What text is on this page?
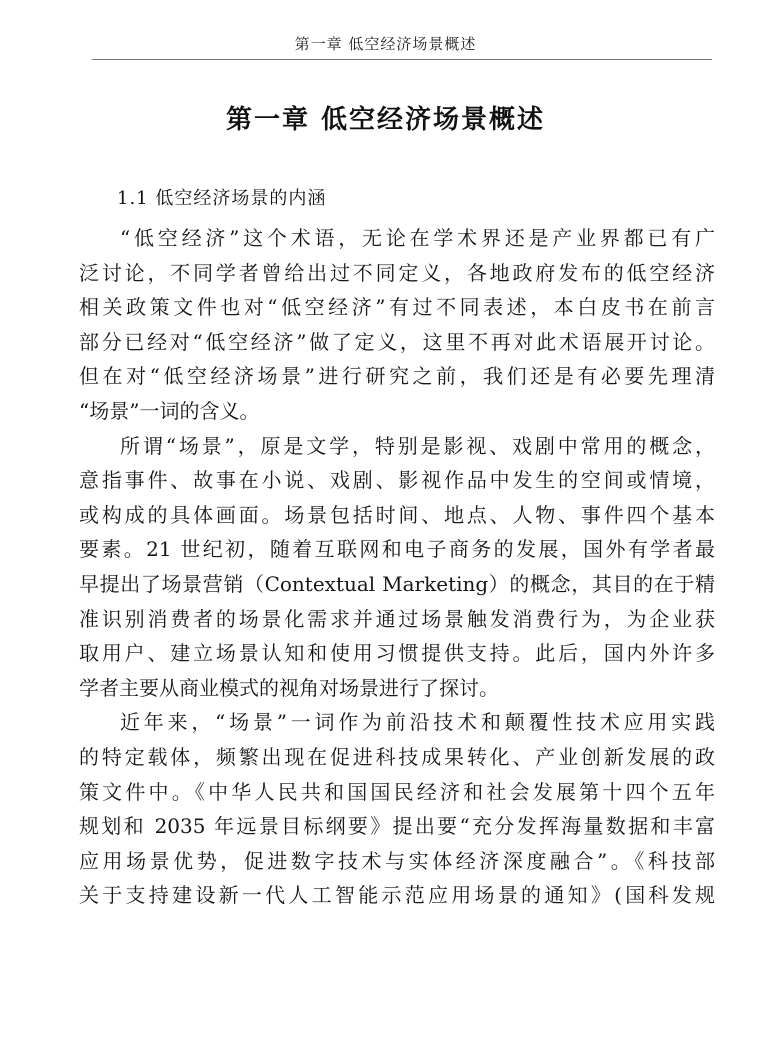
第一章 低空经济场景概述
第一章 低空经济场景概述
1.1 低空经济场景的内涵
“低空经济”这个术语，无论在学术界还是产业界都已有广
泛讨论，不同学者曾给出过不同定义，各地政府发布的低空经济
相关政策文件也对“低空经济”有过不同表述，本白皮书在前言
部分已经对“低空经济”做了定义，这里不再对此术语展开讨论。
但在对“低空经济场景”进行研究之前，我们还是有必要先理清
“场景”一词的含义。
所谓“场景”，原是文学，特别是影视、戏剧中常用的概念，
意指事件、故事在小说、戏剧、影视作品中发生的空间或情境，
或构成的具体画面。场景包括时间、地点、人物、事件四个基本
要素。21 世纪初，随着互联网和电子商务的发展，国外有学者最
早提出了场景营销（Contextual Marketing）的概念，其目的在于精
准识别消费者的场景化需求并通过场景触发消费行为，为企业获
取用户、建立场景认知和使用习惯提供支持。此后，国内外许多
学者主要从商业模式的视角对场景进行了探讨。
近年来，“场景”一词作为前沿技术和颠覆性技术应用实践
的特定载体，频繁出现在促进科技成果转化、产业创新发展的政
策文件中。《中华人民共和国国民经济和社会发展第十四个五年
规划和 2035 年远景目标纲要》提出要“充分发挥海量数据和丰富
应用场景优势，促进数字技术与实体经济深度融合”。《科技部
关于支持建设新一代人工智能示范应用场景的通知》(国科发规
